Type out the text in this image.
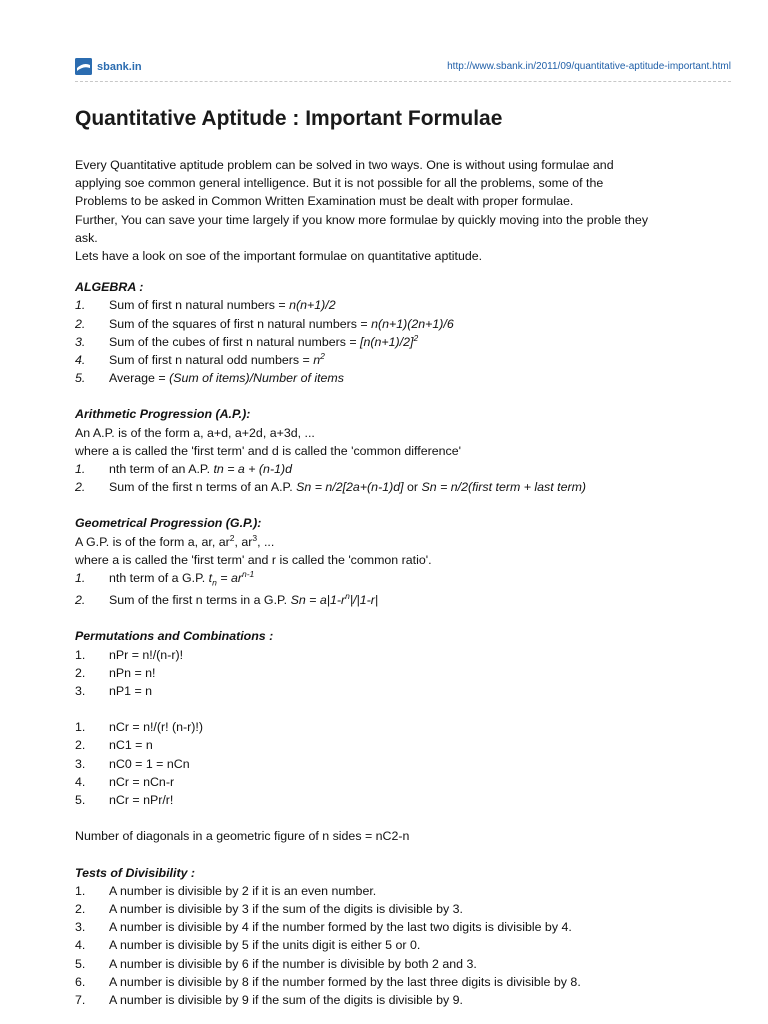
sbank.in	http://www.sbank.in/2011/09/quantitative-aptitude-important.html
Quantitative Aptitude : Important Formulae

Every Quantitative aptitude problem can be solved in two ways. One is without using formulae and

applying soe common general intelligence. But it is not possible for all the problems, some of the

Problems to be asked in Common Written Examination must be dealt with proper formulae.

Further, You can save your time largely if you know more formulae by quickly moving into the proble they

ask.

Lets have a look on soe of the important formulae on quantitative aptitude.

ALGEBRA :

1.	Sum of first n natural numbers = n(n+1)/2
2.	Sum of the squares of first n natural numbers = n(n+1)(2n+1)/6
3.	Sum of the cubes of first n natural numbers = $[n(n+1)/2]^2$
4.	Sum of first n natural odd numbers = $n^2$
5.	Average = (Sum of items)/Number of items

Arithmetic Progression (A.P.):

An A.P. is of the form a, a+d, a+2d, a+3d, ...

where a is called the 'first term' and d is called the 'common difference'

1.	nth term of an A.P. tn = a + (n-1)d
2.	Sum of the first n terms of an A.P. Sn = n/2[2a+(n-1)d] or Sn = n/2(first term + last term)

Geometrical Progression (G.P.):

A G.P. is of the form a, ar, $ar^2$, $ar^3$, ...

where a is called the 'first term' and r is called the 'common ratio'.

1.	nth term of a G.P. $t_n = ar^{n-1}$
2.	Sum of the first n terms in a G.P. $Sn = a|1-r^n|/|1-r|$

Permutations and Combinations :

1.	nPr = n!/(n-r)!
2.	nPn = n!
3.	nP1 = n
1.	nCr = n!/(r! (n-r)!)
2.	nC1 = n
3.	nC0 = 1 = nCn
4.	nCr = nCn-r
5.	nCr = nPr/r!

Number of diagonals in a geometric figure of n sides = nC2-n

Tests of Divisibility :

1.	A number is divisible by 2 if it is an even number.
2.	A number is divisible by 3 if the sum of the digits is divisible by 3.
3.	A number is divisible by 4 if the number formed by the last two digits is divisible by 4.
4.	A number is divisible by 5 if the units digit is either 5 or 0.
5.	A number is divisible by 6 if the number is divisible by both 2 and 3.
6.	A number is divisible by 8 if the number formed by the last three digits is divisible by 8.
7.	A number is divisible by 9 if the sum of the digits is divisible by 9.
